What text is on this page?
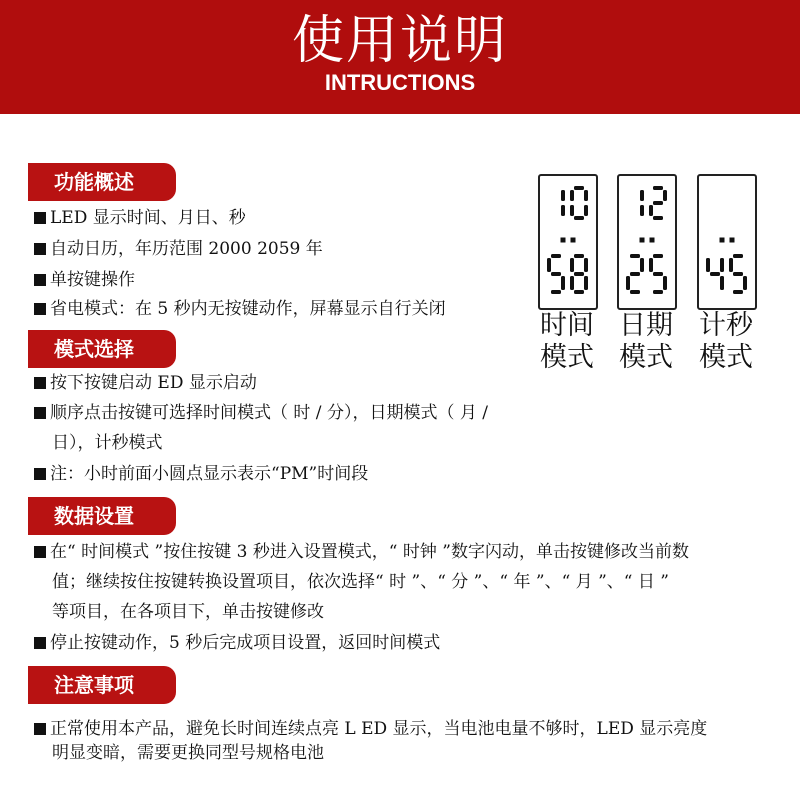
使用说明
INTRUCTIONS
功能概述
LED 显示时间、月日、秒
自动日历，年历范围 2000 2059 年
单按键操作
省电模式：在 5 秒内无按键动作，屏幕显示自行关闭
模式选择
按下按键启动 ED 显示启动
顺序点击按键可选择时间模式（ 时 / 分），日期模式（ 月 /
日），计秒模式
注：小时前面小圆点显示表示“PM”时间段
数据设置
在“ 时间模式 ”按住按键 3 秒进入设置模式，“ 时钟 ”数字闪动，单击按键修改当前数
值；继续按住按键转换设置项目，依次选择“ 时 ”、“ 分 ”、“ 年 ”、“ 月 ”、“ 日 ”
等项目，在各项目下，单击按键修改
停止按键动作，5 秒后完成项目设置，返回时间模式
注意事项
正常使用本产品，避免长时间连续点亮 L ED 显示，当电池电量不够时，LED 显示亮度
明显变暗，需要更换同型号规格电池
时间
模式
日期
模式
计秒
模式
